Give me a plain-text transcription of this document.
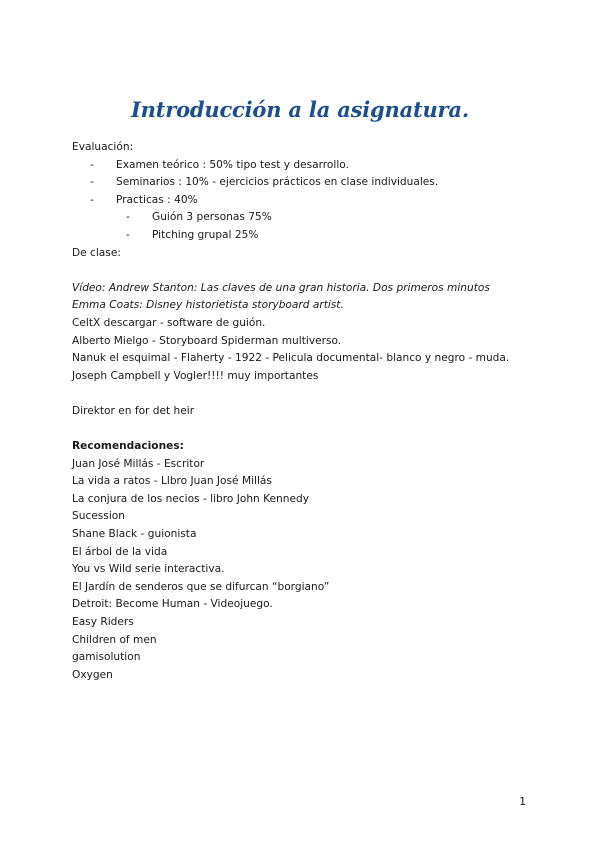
Introducción a la asignatura.
Evaluación:
- Examen teórico : 50% tipo test y desarrollo.
- Seminarios : 10% - ejercicios prácticos en clase individuales.
- Practicas : 40%
- Guión 3 personas 75%
- Pitching grupal 25%
De clase:
Vídeo: Andrew Stanton: Las claves de una gran historia. Dos primeros minutos
Emma Coats: Disney historietista storyboard artist.
CeltX descargar - software de guión.
Alberto Mielgo - Storyboard Spiderman multiverso.
Nanuk el esquimal - Flaherty - 1922 - Pelicula documental- blanco y negro - muda.
Joseph Campbell y Vogler!!!! muy importantes
Direktor en for det heir
Recomendaciones:
Juan José Millás - Escritor
La vida a ratos - Llbro Juan José Millás
La conjura de los necios - libro John Kennedy
Sucession
Shane Black - guionista
El árbol de la vida
You vs Wild serie interactiva.
El Jardín de senderos que se difurcan “borgiano”
Detroit: Become Human - Videojuego.
Easy Riders
Children of men
gamisolution
Oxygen
1
